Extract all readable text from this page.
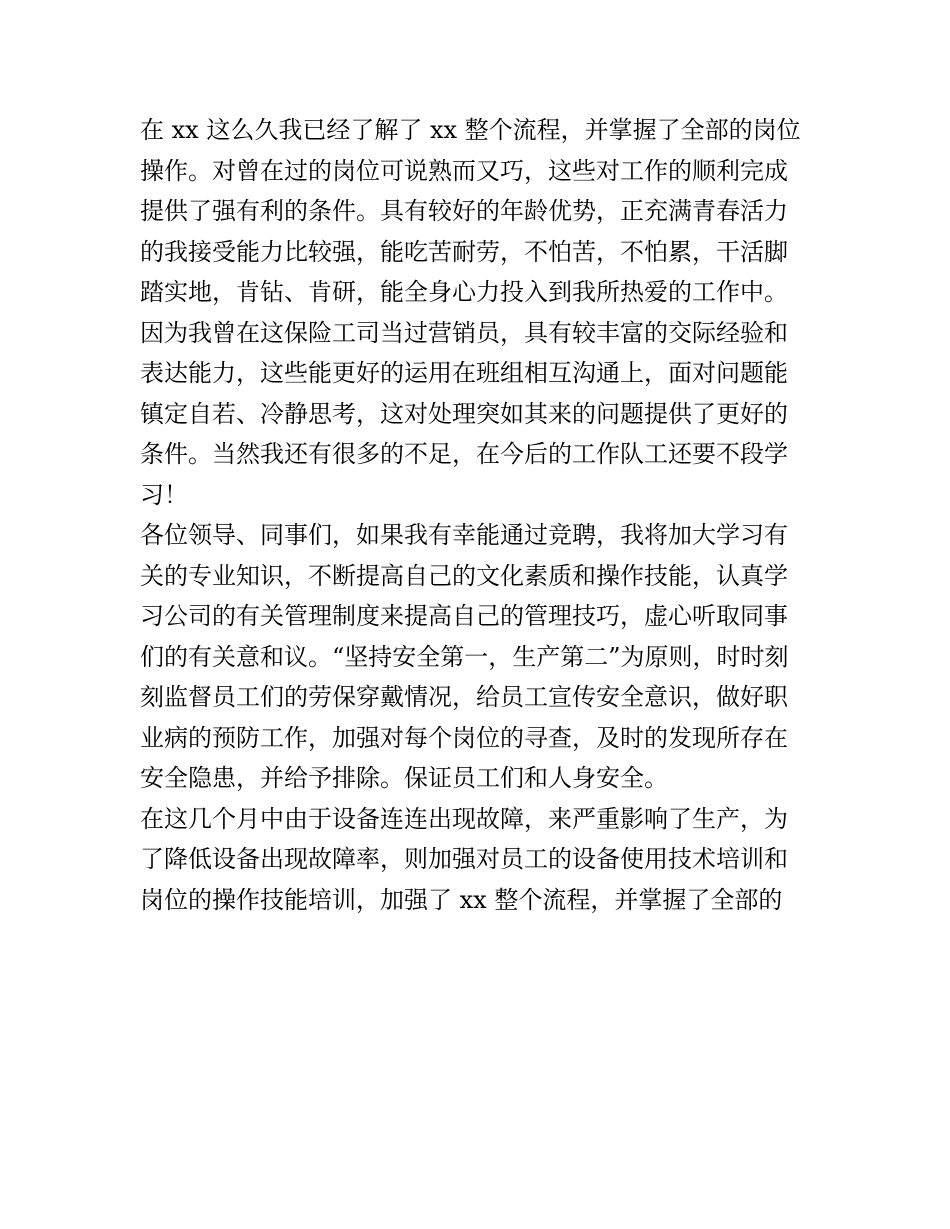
在 xx 这么久我已经了解了 xx 整个流程，并掌握了全部的岗位
操作。对曾在过的岗位可说熟而又巧，这些对工作的顺利完成
提供了强有利的条件。具有较好的年龄优势，正充满青春活力
的我接受能力比较强，能吃苦耐劳，不怕苦，不怕累，干活脚
踏实地，肯钻、肯研，能全身心力投入到我所热爱的工作中。
因为我曾在这保险工司当过营销员，具有较丰富的交际经验和
表达能力，这些能更好的运用在班组相互沟通上，面对问题能
镇定自若、冷静思考，这对处理突如其来的问题提供了更好的
条件。当然我还有很多的不足，在今后的工作队工还要不段学
习！
各位领导、同事们，如果我有幸能通过竞聘，我将加大学习有
关的专业知识，不断提高自己的文化素质和操作技能，认真学
习公司的有关管理制度来提高自己的管理技巧，虚心听取同事
们的有关意和议。“坚持安全第一，生产第二”为原则，时时刻
刻监督员工们的劳保穿戴情况，给员工宣传安全意识，做好职
业病的预防工作，加强对每个岗位的寻查，及时的发现所存在
安全隐患，并给予排除。保证员工们和人身安全。
在这几个月中由于设备连连出现故障，来严重影响了生产，为
了降低设备出现故障率，则加强对员工的设备使用技术培训和
岗位的操作技能培训，加强了 xx 整个流程，并掌握了全部的
